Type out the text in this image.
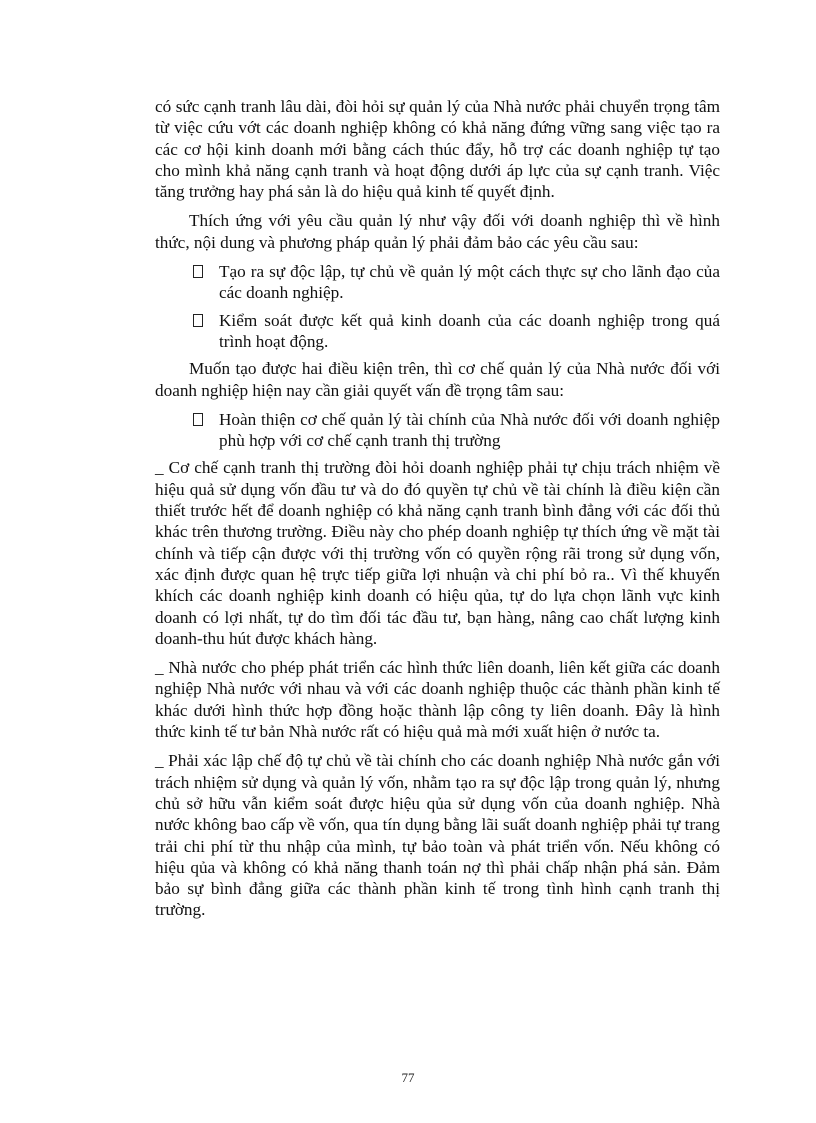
có sức cạnh tranh lâu dài, đòi hỏi sự quản lý của Nhà nước phải chuyển trọng tâm từ việc cứu vớt các doanh nghiệp không có khả năng đứng vững sang việc tạo ra các cơ hội kinh doanh mới bằng cách thúc đẩy, hỗ trợ các doanh nghiệp tự tạo cho mình khả năng cạnh tranh và hoạt động dưới áp lực của sự cạnh tranh. Việc tăng trưởng hay phá sản là do hiệu quả kinh tế quyết định.

Thích ứng với yêu cầu quản lý như vậy đối với doanh nghiệp thì về hình thức, nội dung và phương pháp quản lý phải đảm bảo các yêu cầu sau:

Tạo ra sự độc lập, tự chủ về quản lý một cách thực sự cho lãnh đạo của các doanh nghiệp.

Kiểm soát được kết quả kinh doanh của các doanh nghiệp trong quá trình hoạt động.

Muốn tạo được hai điều kiện trên, thì cơ chế quản lý của Nhà nước đối với doanh nghiệp hiện nay cần giải quyết vấn đề trọng tâm sau:

Hoàn thiện cơ chế quản lý tài chính của Nhà nước đối với doanh nghiệp phù hợp với cơ chế cạnh tranh thị trường

_ Cơ chế cạnh tranh thị trường đòi hỏi doanh nghiệp phải tự chịu trách nhiệm về hiệu quả sử dụng vốn đầu tư và do đó quyền tự chủ về tài chính là điều kiện cần thiết trước hết để doanh nghiệp có khả năng cạnh tranh bình đẳng với các đối thủ khác trên thương trường. Điều này cho phép doanh nghiệp tự thích ứng về mặt tài chính và tiếp cận được với thị trường vốn có quyền rộng rãi trong sử dụng vốn, xác định được quan hệ trực tiếp giữa lợi nhuận và chi phí bỏ ra.. Vì thế khuyến khích các doanh nghiệp kinh doanh có hiệu qủa, tự do lựa chọn lãnh vực kinh doanh có lợi nhất, tự do tìm đối tác đầu tư, bạn hàng, nâng cao chất lượng kinh doanh-thu hút được khách hàng.

_ Nhà nước cho phép phát triển các hình thức liên doanh, liên kết giữa các doanh nghiệp Nhà nước với nhau và với các doanh nghiệp thuộc các thành phần kinh tế khác dưới hình thức hợp đồng hoặc thành lập công ty liên doanh. Đây là hình thức kinh tế tư bản Nhà nước rất có hiệu quả mà mới xuất hiện ở nước ta.

_ Phải xác lập chế độ tự chủ về tài chính cho các doanh nghiệp Nhà nước gắn với trách nhiệm sử dụng và quản lý vốn, nhằm tạo ra sự độc lập trong quản lý, nhưng chủ sở hữu vẫn kiểm soát được hiệu qủa sử dụng vốn của doanh nghiệp. Nhà nước không bao cấp về vốn, qua tín dụng bằng lãi suất doanh nghiệp phải tự trang trải chi phí từ thu nhập của mình, tự bảo toàn và phát triển vốn. Nếu không có hiệu qủa và không có khả năng thanh toán nợ thì phải chấp nhận phá sản. Đảm bảo sự bình đẳng giữa các thành phần kinh tế trong tình hình cạnh tranh thị trường.

77
